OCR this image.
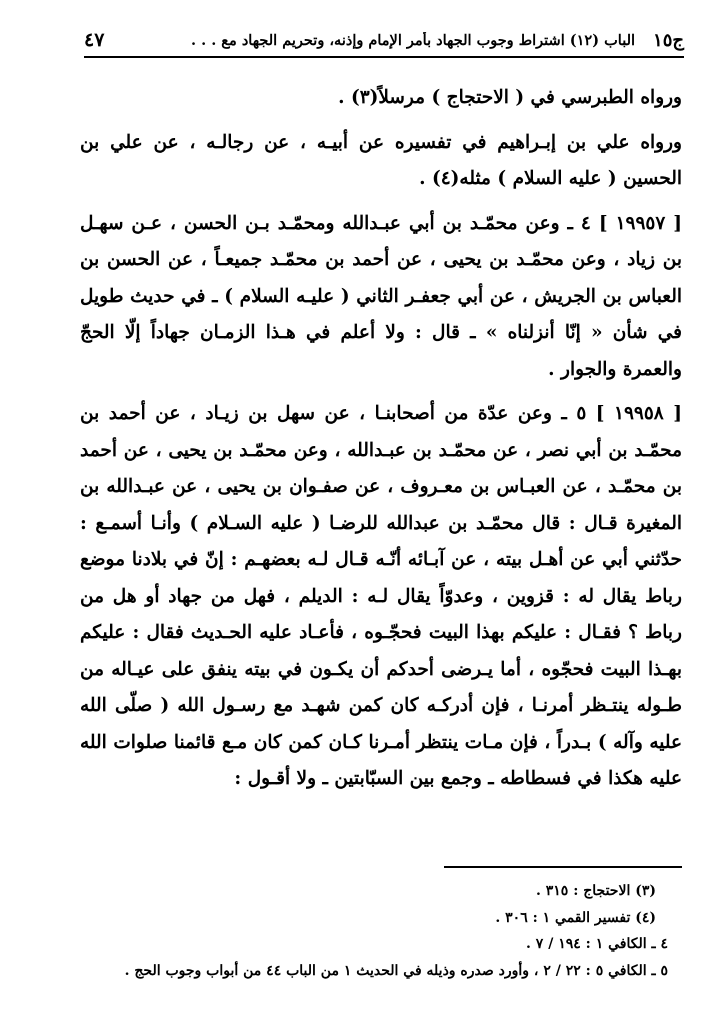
ج١٥
الباب (١٢) اشتراط وجوب الجهاد بأمر الإمام وإذنه، وتحريم الجهاد مع . . .
٤٧

ورواه الطبرسي في ( الاحتجاج ) مرسلاً(٣) .

ورواه علي بن إبـراهيم في تفسيره عن أبيـه ، عن رجالـه ، عن علي بن الحسين ( عليه السلام ) مثله(٤) .

[ ١٩٩٥٧ ] ٤ ـ وعن محمّـد بن أبي عبـدالله ومحمّـد بـن الحسن ، عـن سهـل بن زياد ، وعن محمّـد بن يحيى ، عن أحمد بن محمّـد جميعـاً ، عن الحسن بن العباس بن الجريش ، عن أبي جعفـر الثاني ( عليـه السلام ) ـ في حديث طويل في شأن « إنّا أنزلناه » ـ قال : ولا أعلم في هـذا الزمـان جهاداً إلّا الحجّ والعمرة والجوار .

[ ١٩٩٥٨ ] ٥ ـ وعن عدّة من أصحابنـا ، عن سهل بن زيـاد ، عن أحمد بن محمّـد بن أبي نصر ، عن محمّـد بن عبـدالله ، وعن محمّـد بن يحيى ، عن أحمد بن محمّـد ، عن العبـاس بن معـروف ، عن صفـوان بن يحيى ، عن عبـدالله بن المغيرة قـال : قال محمّـد بن عبدالله للرضـا ( عليه السـلام ) وأنـا أسمـع : حدّثني أبي عن أهـل بيته ، عن آبـائه أنّـه قـال لـه بعضهـم : إنّ في بلادنا موضع رباط يقال له : قزوين ، وعدوّاً يقال لـه : الديلم ، فهل من جهاد أو هل من رباط ؟ فقـال : عليكم بهذا البيت فحجّـوه ، فأعـاد عليه الحـديث فقال : عليكم بهـذا البيت فحجّوه ، أما يـرضى أحدكم أن يكـون في بيته ينفق على عيـاله من طـوله ينتـظر أمرنـا ، فإن أدركـه كان كمن شهـد مع رسـول الله ( صلّى الله عليه وآله ) بـدراً ، فإن مـات ينتظر أمـرنا كـان كمن كان مـع قائمنا صلوات الله عليه هكذا في فسطاطه ـ وجمع بين السبّابتين ـ ولا أقـول :

(٣) الاحتجاج : ٣١٥ .
(٤) تفسير القمي ١ : ٣٠٦ .
٤ ـ الكافي ١ : ١٩٤ / ٧ .
٥ ـ الكافي ٥ : ٢٢ / ٢ ، وأورد صدره وذيله في الحديث ١ من الباب ٤٤ من أبواب وجوب الحج .
